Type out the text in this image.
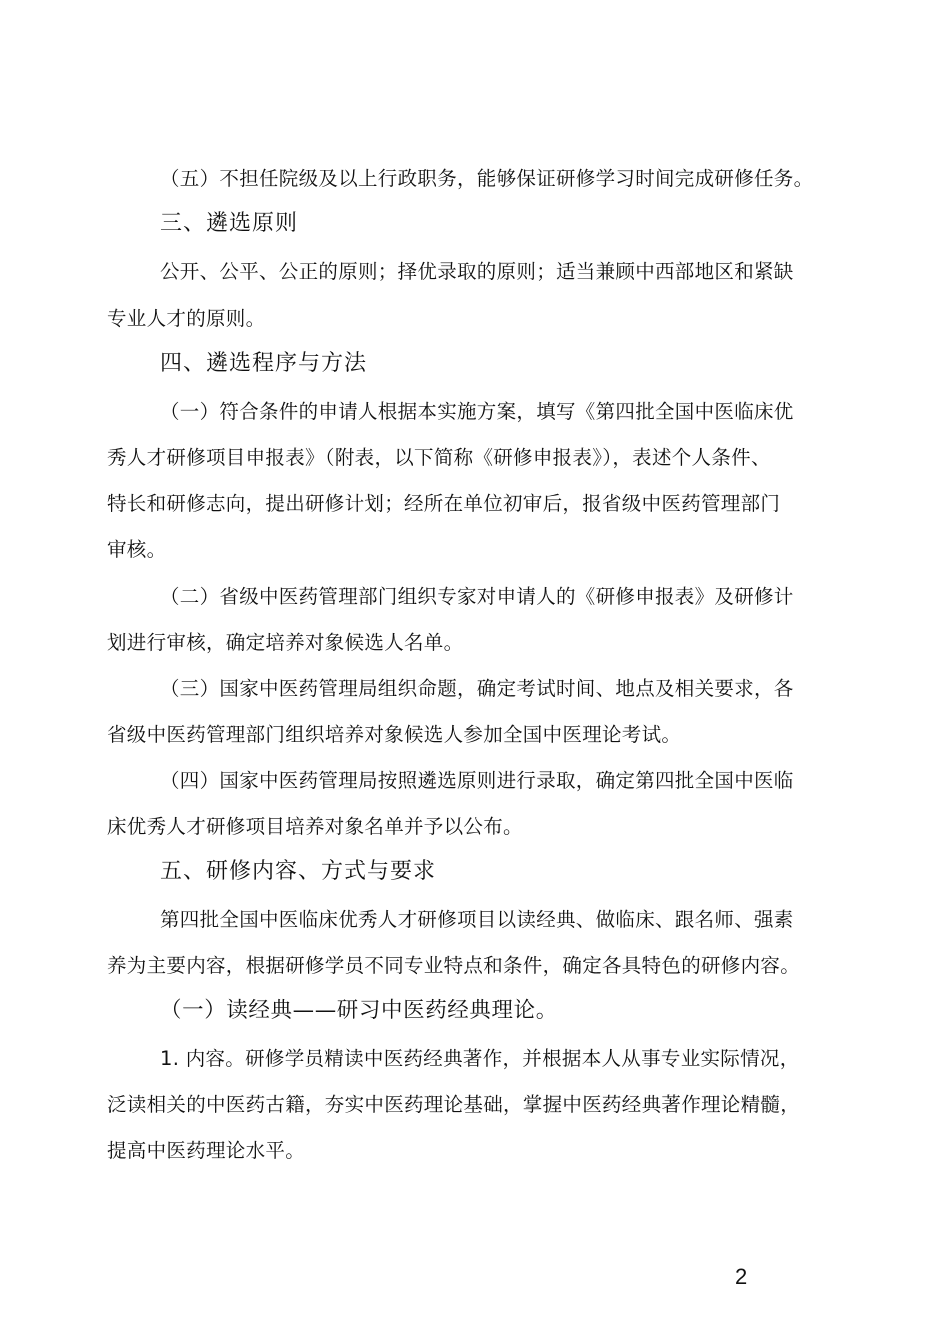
（五）不担任院级及以上行政职务，能够保证研修学习时间完成研修任务。
三、遴选原则
公开、公平、公正的原则；择优录取的原则；适当兼顾中西部地区和紧缺
专业人才的原则。
四、遴选程序与方法
（一）符合条件的申请人根据本实施方案，填写《第四批全国中医临床优
秀人才研修项目申报表》（附表，以下简称《研修申报表》），表述个人条件、
特长和研修志向，提出研修计划；经所在单位初审后，报省级中医药管理部门
审核。
（二）省级中医药管理部门组织专家对申请人的《研修申报表》及研修计
划进行审核，确定培养对象候选人名单。
（三）国家中医药管理局组织命题，确定考试时间、地点及相关要求，各
省级中医药管理部门组织培养对象候选人参加全国中医理论考试。
（四）国家中医药管理局按照遴选原则进行录取，确定第四批全国中医临
床优秀人才研修项目培养对象名单并予以公布。
五、研修内容、方式与要求
第四批全国中医临床优秀人才研修项目以读经典、做临床、跟名师、强素
养为主要内容，根据研修学员不同专业特点和条件，确定各具特色的研修内容。
（一）读经典——研习中医药经典理论。
1. 内容。研修学员精读中医药经典著作，并根据本人从事专业实际情况，
泛读相关的中医药古籍，夯实中医药理论基础，掌握中医药经典著作理论精髓，
提高中医药理论水平。
2
